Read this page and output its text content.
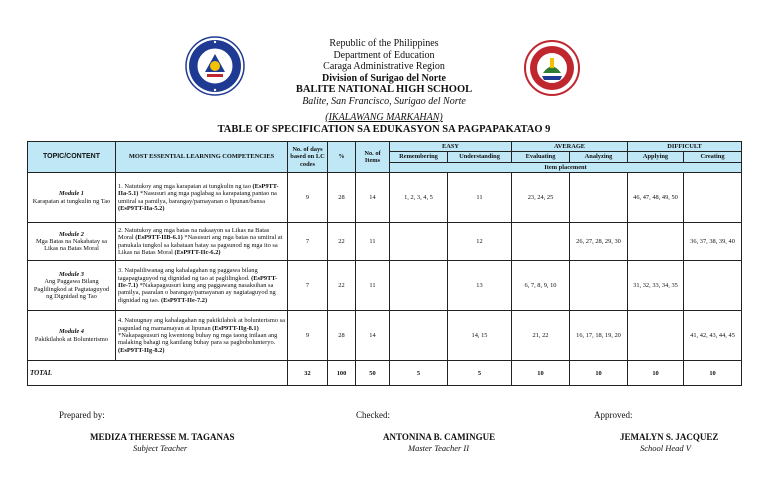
Republic of the Philippines
Department of Education
Caraga Administrative Region
Division of Surigao del Norte
BALITE NATIONAL HIGH SCHOOL
Balite, San Francisco, Surigao del Norte
(IKALAWANG MARKAHAN)
TABLE OF SPECIFICATION SA EDUKASYON SA PAGPAPAKATAO 9
TOPIC/CONTENT	MOST ESSENTIAL LEARNING COMPETENCIES	No. of days based on LC codes	%	No. of Items	EASY		AVERAGE		DIFFICULT	
					Remembering	Understanding	Evaluating	Analyzing	Applying	Creating
					Item placement					

Module 1
Karapatan at tungkulin ng Tao	1. Natutukoy ang mga karapatan at tungkulin ng tao (EsP9TT-IIa-5.1) *Nasusuri ang mga paglabag sa karapatang pantao na umiiral sa pamilya, barangay/pamayanan o lipunan/bansa (EsP9TT-IIa-5.2)	9	28	14	1, 2, 3, 4, 5	11	23, 24, 25		46, 47, 48, 49, 50	

Module 2
Mga Batas na Nakabatay sa Likas na Batas Moral	2. Natutukoy ang mga batas na nakaayon sa Likas na Batas Moral (EsP9TT-IIB-6.1) *Nasusuri ang mga batas na umiiral at panukala tungkol sa kabataan batay sa pagsunod ng mga ito sa Likas na Batas Moral (EsP9TT-IIc-6.2)	7	22	11		12		26, 27, 28, 29, 30		36, 37, 38, 39, 40

Module 3
Ang Paggawa Bilang Paglilingkod at Pagtataguyod ng Dignidad ng Tao	3. Naipaliliwanag ang kahalagahan ng paggawa bilang tagapagtaguyod ng dignidad ng tao at paglilingkod. (EsP9TT-IIe-7.1) *Nakapagsusuri kung ang paggawang nasaksihan sa pamilya, paaralan o barangay/pamayanan ay nagtataguyod ng dignidad ng tao. (EsP9TT-IIe-7.2)	7	22	11		13	6, 7, 8, 9, 10		31, 32, 33, 34, 35	

Module 4
Pakikilahok at Bolunterismo	4. Naiuugnay ang kahalagahan ng pakikilahok at bolunterismo sa pagunlad ng mamamayan at lipunan (EsP9TT-IIg-8.1) *Nakapagsusuri ng kwentong buhay ng mga taong inilaan ang malaking bahagi ng kanilang buhay para sa pagbobolunteryo. (EsP9TT-IIg-8.2)	9	28	14		14, 15	21, 22	16, 17, 18, 19, 20		41, 42, 43, 44, 45
TOTAL		32	100	50	5	5	10	10	10	10
Prepared by:
MEDIZA THERESSE M. TAGANAS
Subject Teacher
Checked:
ANTONINA B. CAMINGUE
Master Teacher II
Approved:
JEMALYN S. JACQUEZ
School Head V
